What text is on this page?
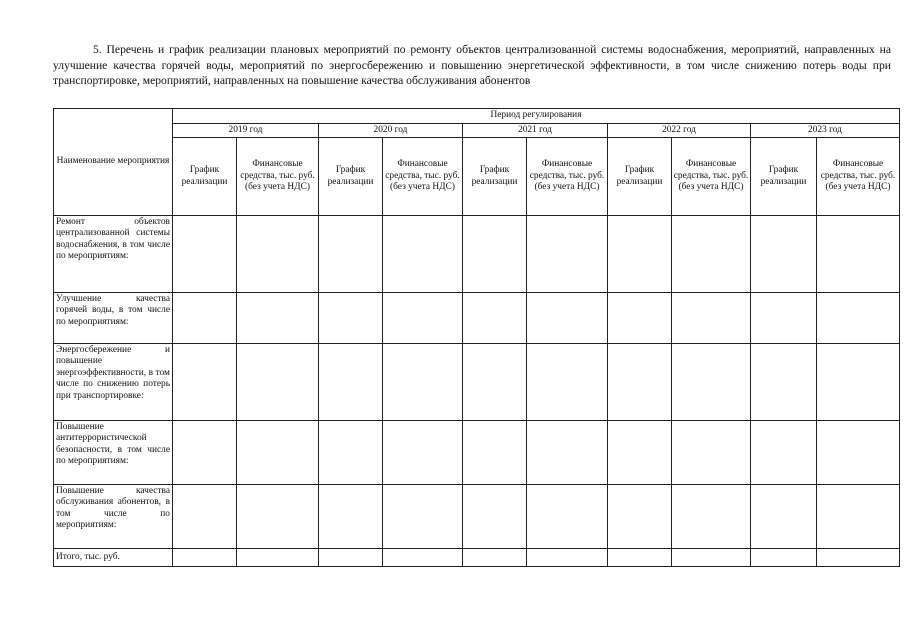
5. Перечень и график реализации плановых мероприятий по ремонту объектов централизованной системы водоснабжения, мероприятий, направленных на улучшение качества горячей воды, мероприятий по энергосбережению и повышению энергетической эффективности, в том числе снижению потерь воды при транспортировке, мероприятий, направленных на повышение качества обслуживания абонентов

Наименование мероприятия	Период регулирования									
	2019 год		2020 год		2021 год		2022 год		2023 год	
	График реализации	Финансовые средства, тыс. руб. (без учета НДС)	График реализации	Финансовые средства, тыс. руб. (без учета НДС)	График реализации	Финансовые средства, тыс. руб. (без учета НДС)	График реализации	Финансовые средства, тыс. руб. (без учета НДС)	График реализации	Финансовые средства, тыс. руб. (без учета НДС)
Ремонт объектов централизованной системы водоснабжения, в том числе по мероприятиям:										
Улучшение качества горячей воды, в том числе по мероприятиям:										
Энергосбережение и повышение энергоэффективности, в том числе по снижению потерь при транспортировке:										
Повышение антитеррористической безопасности, в том числе по мероприятиям:										
Повышение качества обслуживания абонентов, в том числе по мероприятиям:										
Итого, тыс. руб.										
